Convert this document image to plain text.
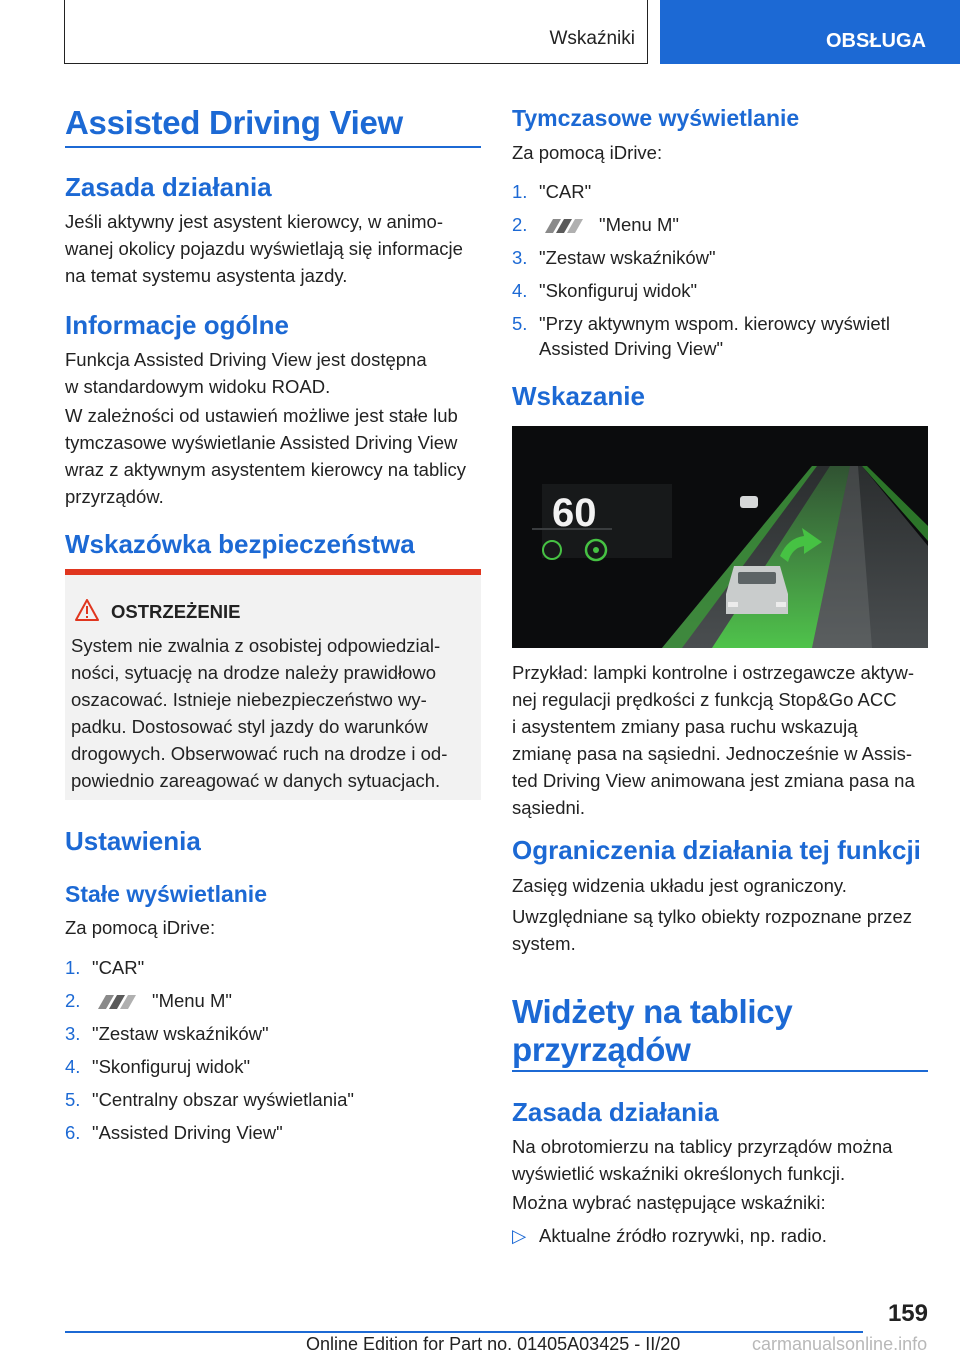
Wskaźniki	OBSŁUGA
Assisted Driving View
Zasada działania
Jeśli aktywny jest asystent kierowcy, w animo-
wanej okolicy pojazdu wyświetlają się informacje
na temat systemu asystenta jazdy.
Informacje ogólne
Funkcja Assisted Driving View jest dostępna
w standardowym widoku ROAD.
W zależności od ustawień możliwe jest stałe lub
tymczasowe wyświetlanie Assisted Driving View
wraz z aktywnym asystentem kierowcy na tablicy
przyrządów.
Wskazówka bezpieczeństwa
OSTRZEŻENIE
System nie zwalnia z osobistej odpowiedzial-
ności, sytuację na drodze należy prawidłowo
oszacować. Istnieje niebezpieczeństwo wy-
padku. Dostosować styl jazdy do warunków
drogowych. Obserwować ruch na drodze i od-
powiednio zareagować w danych sytuacjach.
Ustawienia
Stałe wyświetlanie
Za pomocą iDrive:
1. "CAR"
2.	"Menu M"
3. "Zestaw wskaźników"
4. "Skonfiguruj widok"
5. "Centralny obszar wyświetlania"
6. "Assisted Driving View"
Tymczasowe wyświetlanie
Za pomocą iDrive:
1. "CAR"
2.	"Menu M"
3. "Zestaw wskaźników"
4. "Skonfiguruj widok"
5. "Przy aktywnym wspom. kierowcy wyświetl
Assisted Driving View"
Wskazanie
60
Przykład: lampki kontrolne i ostrzegawcze aktyw-
nej regulacji prędkości z funkcją Stop&Go ACC
i asystentem zmiany pasa ruchu wskazują
zmianę pasa na sąsiedni. Jednocześnie w Assis-
ted Driving View animowana jest zmiana pasa na
sąsiedni.
Ograniczenia działania tej funkcji
Zasięg widzenia układu jest ograniczony.
Uwzględniane są tylko obiekty rozpoznane przez
system.
Widżety na tablicy
przyrządów
Zasada działania
Na obrotomierzu na tablicy przyrządów można
wyświetlić wskaźniki określonych funkcji.
Można wybrać następujące wskaźniki:
▷ Aktualne źródło rozrywki, np. radio.
159
Online Edition for Part no. 01405A03425 - II/20	carmanualsonline.info
